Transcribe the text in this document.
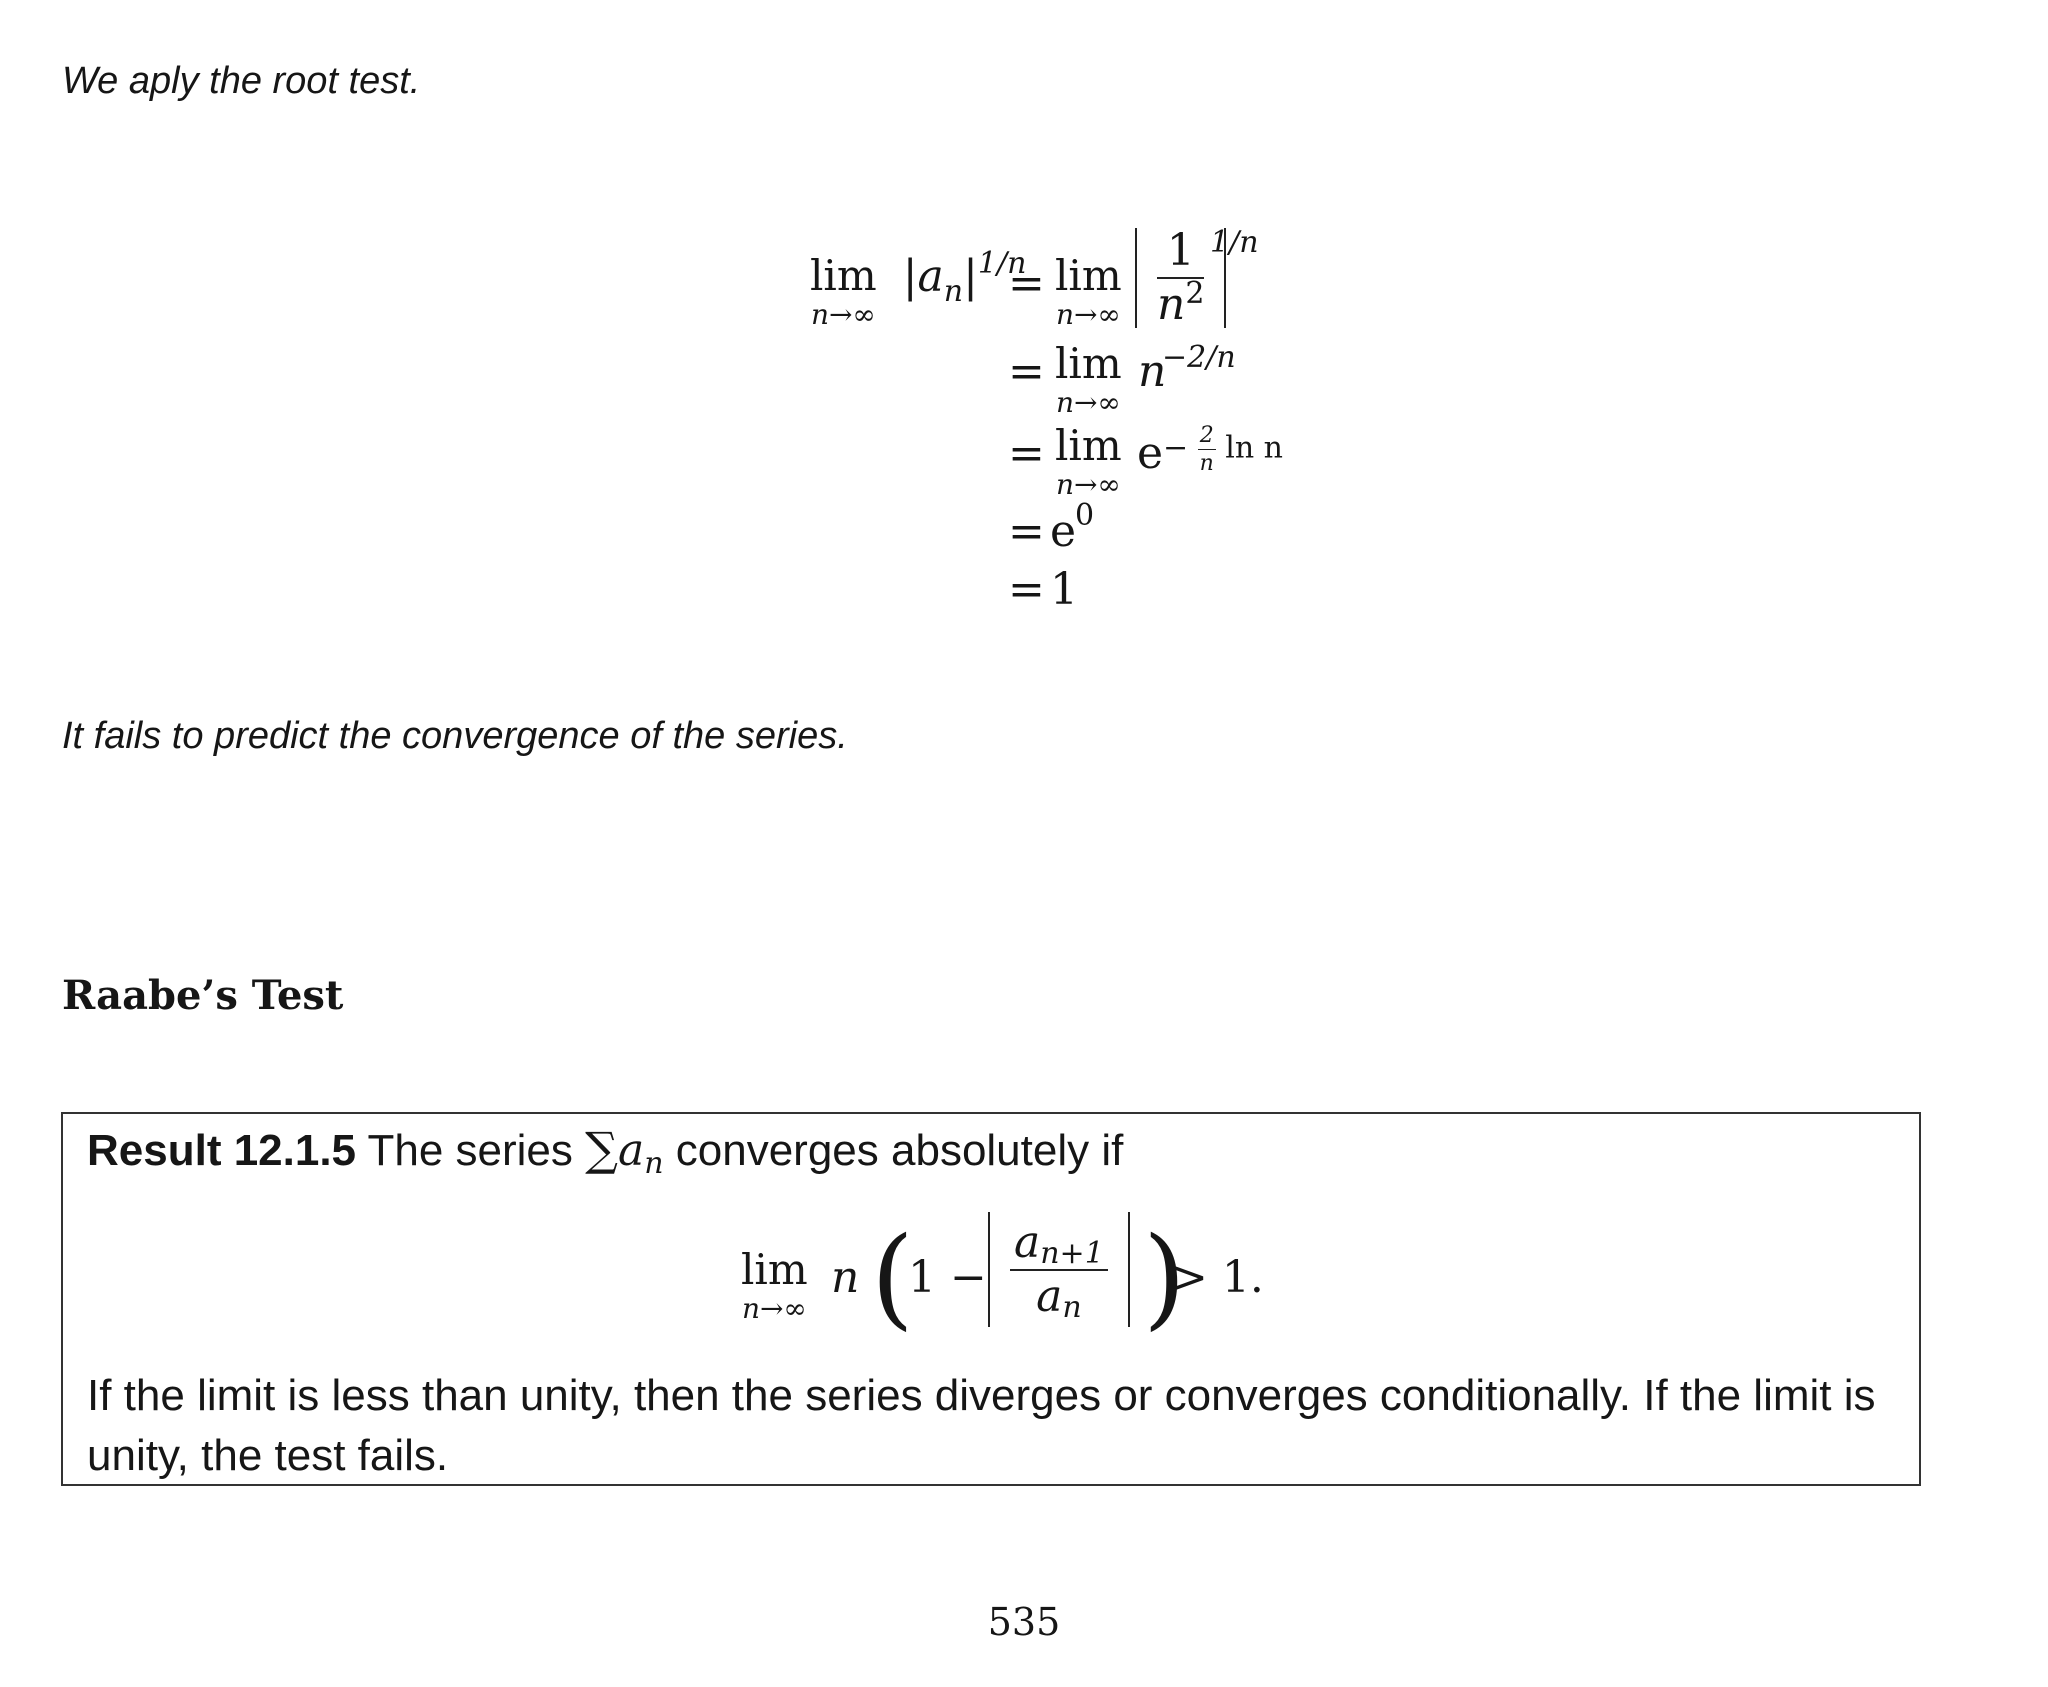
We aply the root test.
lim
n→∞
$|a_n|^{1/n}$
= lim
n→∞
$\frac{1}{n^2}$
1/n
= lim
n→∞
n
−2/n
= lim
n→∞
$e - \frac{2}{n}$ ln n
= e
0
= 1
It fails to predict the convergence of the series.
Raabe’s Test
Result 12.1.5 The series ∑an converges absolutely if
lim
n→∞
n (
1 −
$\frac{an+1}{an}$
)
> 1.
If the limit is less than unity, then the series diverges or converges conditionally. If the limit is unity, the test fails.
535
